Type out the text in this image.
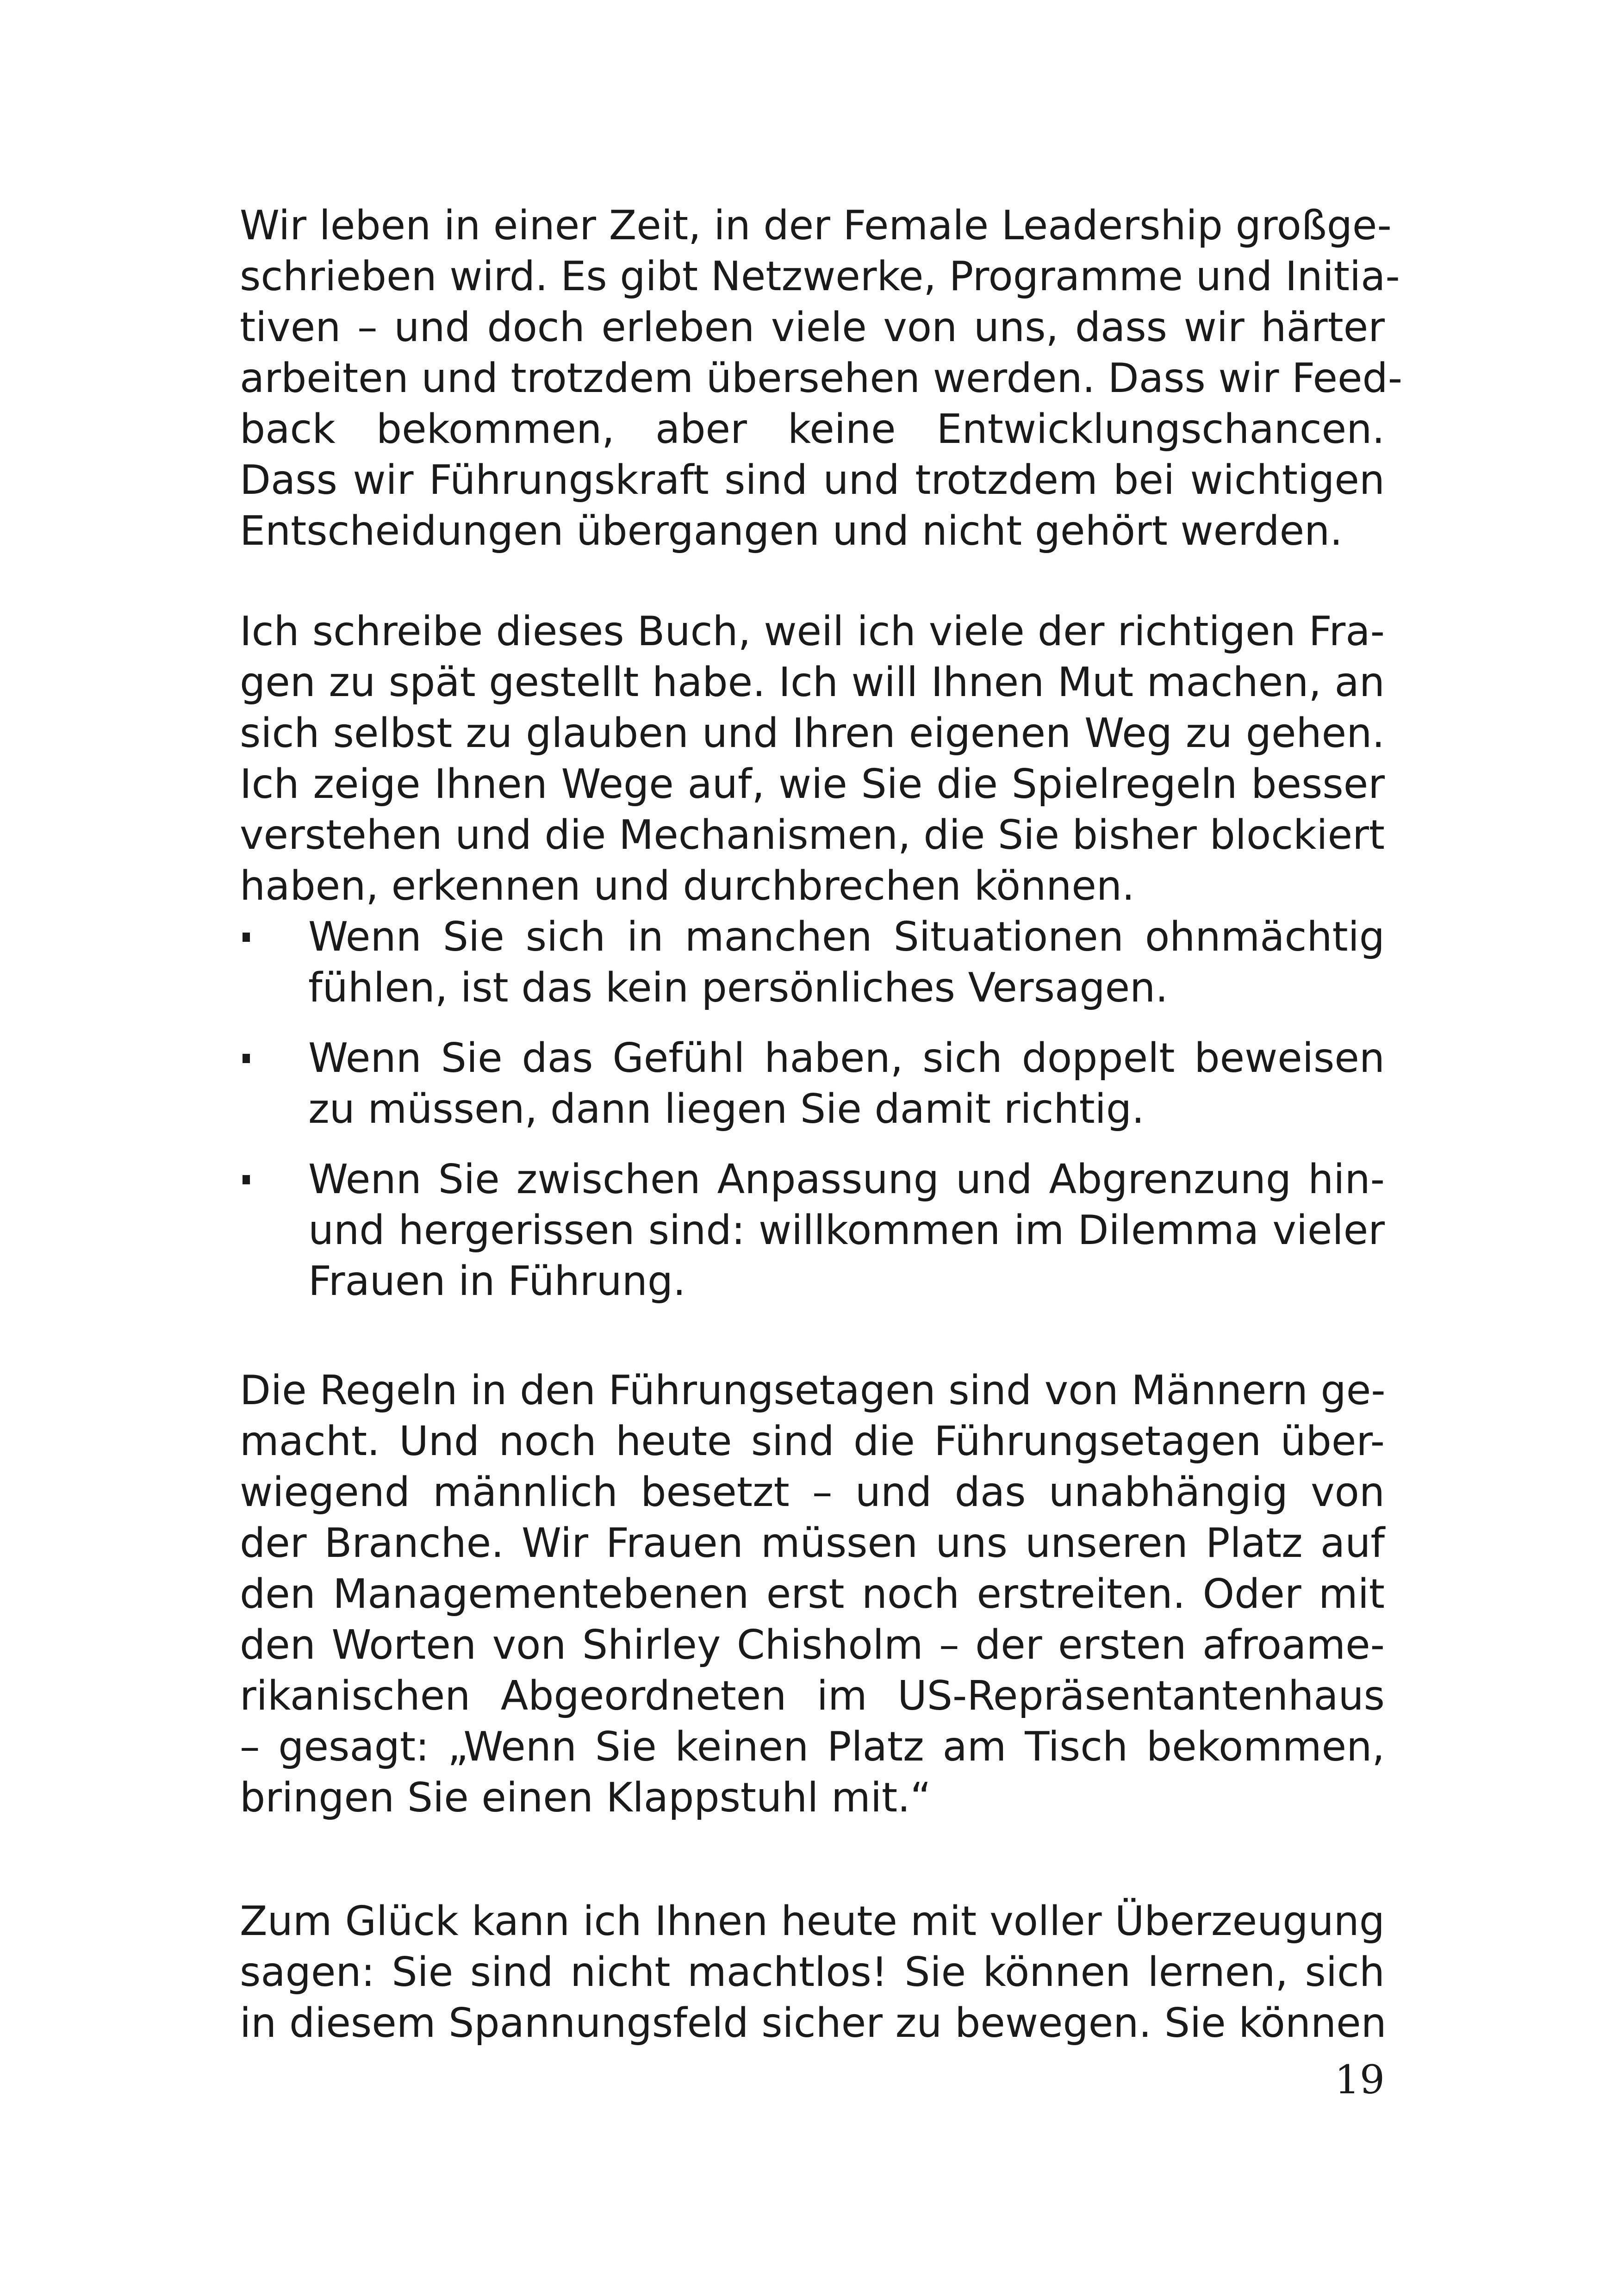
Wir leben in einer Zeit, in der Female Leadership großge-
schrieben wird. Es gibt Netzwerke, Programme und Initia-
tiven – und doch erleben viele von uns, dass wir härter
arbeiten und trotzdem übersehen werden. Dass wir Feed-
back bekommen, aber keine Entwicklungschancen.
Dass wir Führungskraft sind und trotzdem bei wichtigen
Entscheidungen übergangen und nicht gehört werden.

Ich schreibe dieses Buch, weil ich viele der richtigen Fra-
gen zu spät gestellt habe. Ich will Ihnen Mut machen, an
sich selbst zu glauben und Ihren eigenen Weg zu gehen.
Ich zeige Ihnen Wege auf, wie Sie die Spielregeln besser
verstehen und die Mechanismen, die Sie bisher blockiert
haben, erkennen und durchbrechen können.

Wenn Sie sich in manchen Situationen ohnmächtig
fühlen, ist das kein persönliches Versagen.
Wenn Sie das Gefühl haben, sich doppelt beweisen
zu müssen, dann liegen Sie damit richtig.
Wenn Sie zwischen Anpassung und Abgrenzung hin-
und hergerissen sind: willkommen im Dilemma vieler
Frauen in Führung.

Die Regeln in den Führungsetagen sind von Männern ge-
macht. Und noch heute sind die Führungsetagen über-
wiegend männlich besetzt – und das unabhängig von
der Branche. Wir Frauen müssen uns unseren Platz auf
den Managementebenen erst noch erstreiten. Oder mit
den Worten von Shirley Chisholm – der ersten afroame-
rikanischen Abgeordneten im US-Repräsentantenhaus
– gesagt: „Wenn Sie keinen Platz am Tisch bekommen,
bringen Sie einen Klappstuhl mit.“

Zum Glück kann ich Ihnen heute mit voller Überzeugung
sagen: Sie sind nicht machtlos! Sie können lernen, sich
in diesem Spannungsfeld sicher zu bewegen. Sie können

19
